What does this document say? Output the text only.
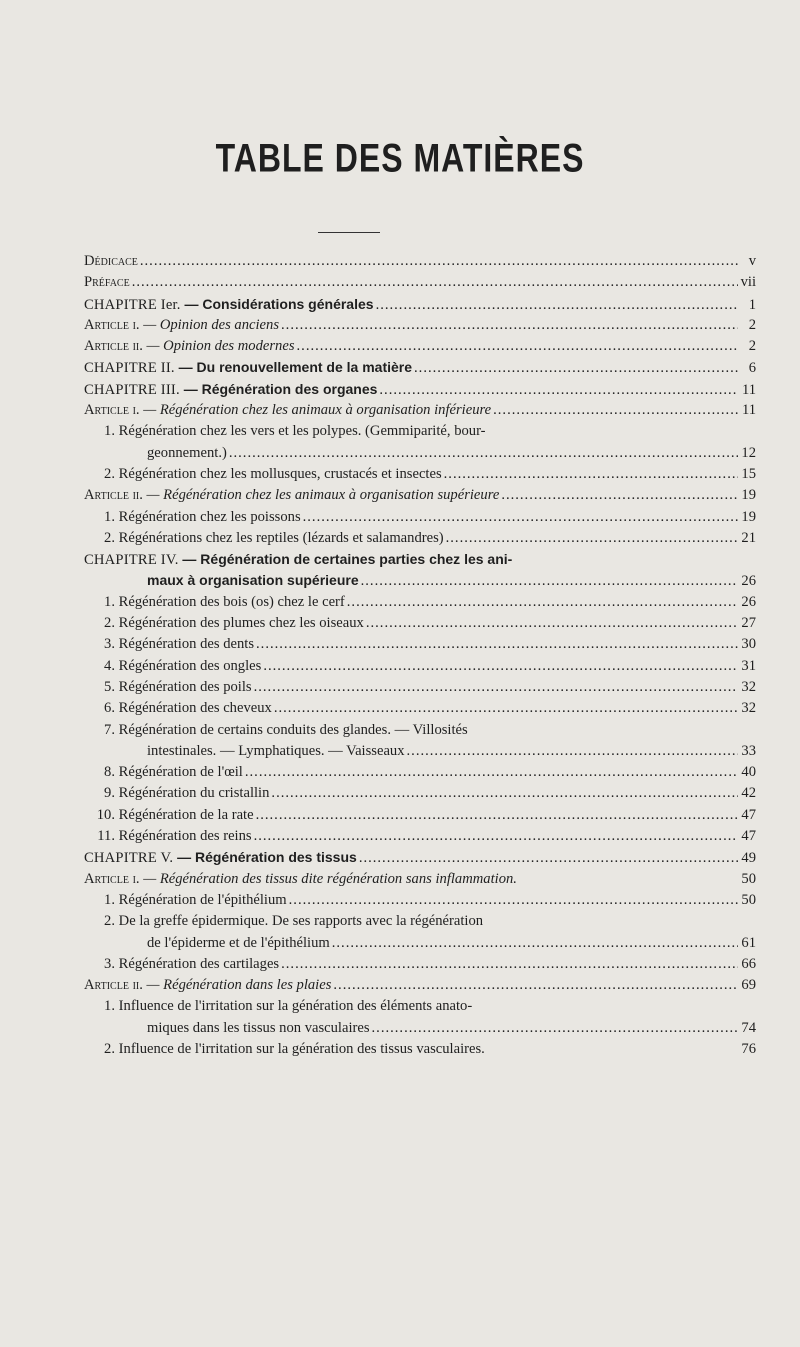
TABLE DES MATIÈRES
Dédicace .....	v
Préface .....	vii
CHAPITRE Ier. — Considérations générales .....	1
Article i. — Opinion des anciens .....	2
Article ii. — Opinion des modernes .....	2
CHAPITRE II. — Du renouvellement de la matière .....	6
CHAPITRE III. — Régénération des organes .....	11
Article i. — Régénération chez les animaux à organisation inférieure .....	11
1. Régénération chez les vers et les polypes. (Gemmiparité, bour-
geonnement.) .....	12
2. Régénération chez les mollusques, crustacés et insectes .....	15
Article ii. — Régénération chez les animaux à organisation supérieure .....	19
1. Régénération chez les poissons .....	19
2. Régénérations chez les reptiles (lézards et salamandres) .....	21
CHAPITRE IV. — Régénération de certaines parties chez les ani-
maux à organisation supérieure .....	26
1. Régénération des bois (os) chez le cerf .....	26
2. Régénération des plumes chez les oiseaux .....	27
3. Régénération des dents .....	30
4. Régénération des ongles .....	31
5. Régénération des poils .....	32
6. Régénération des cheveux .....	32
7. Régénération de certains conduits des glandes. — Villosités
intestinales. — Lymphatiques. — Vaisseaux .....	33
8. Régénération de l'œil .....	40
9. Régénération du cristallin .....	42
10. Régénération de la rate .....	47
11. Régénération des reins .....	47
CHAPITRE V. — Régénération des tissus .....	49
Article i. — Régénération des tissus dite régénération sans inflammation.	50
1. Régénération de l'épithélium .....	50
2. De la greffe épidermique. De ses rapports avec la régénération
de l'épiderme et de l'épithélium .....	61
3. Régénération des cartilages .....	66
Article ii. — Régénération dans les plaies .....	69
1. Influence de l'irritation sur la génération des éléments anato-
miques dans les tissus non vasculaires .....	74
2. Influence de l'irritation sur la génération des tissus vasculaires.	76
